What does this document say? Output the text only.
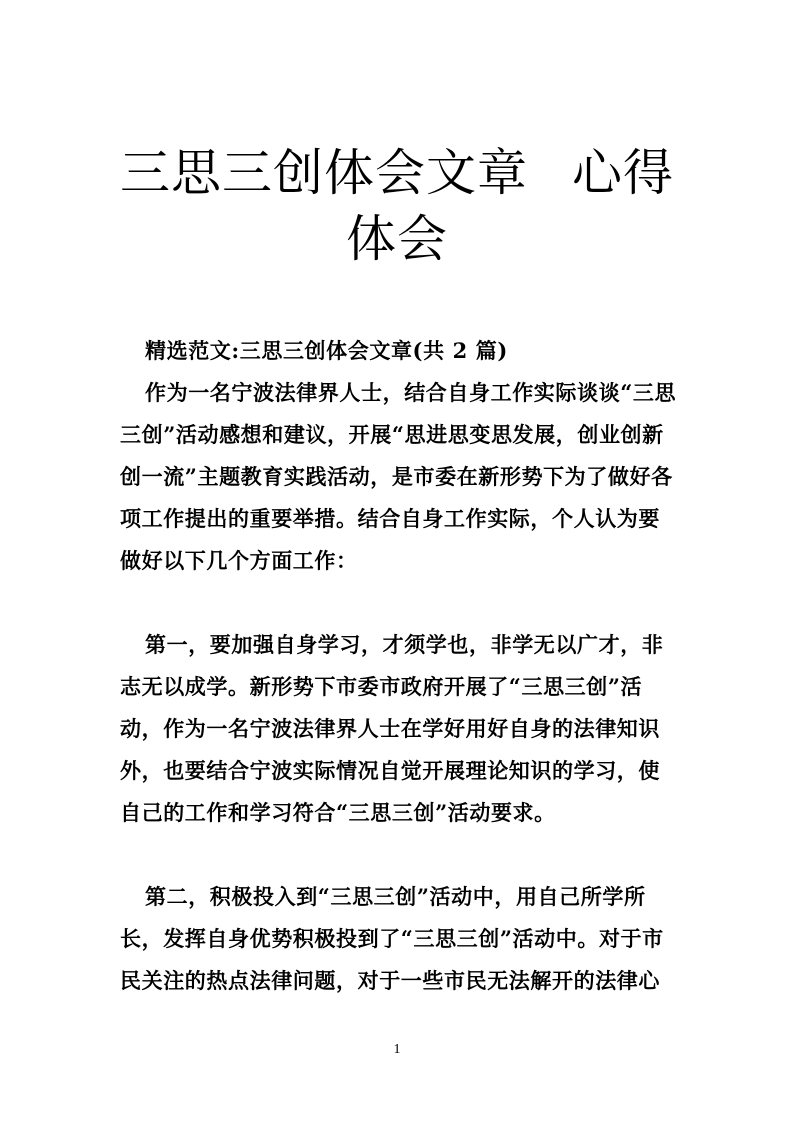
三思三创体会文章 心得
体会
精选范文:三思三创体会文章(共 2 篇)
作为一名宁波法律界人士，结合自身工作实际谈谈“三思
三创”活动感想和建议，开展“思进思变思发展，创业创新
创一流”主题教育实践活动，是市委在新形势下为了做好各
项工作提出的重要举措。结合自身工作实际，个人认为要
做好以下几个方面工作：
第一，要加强自身学习，才须学也，非学无以广才，非
志无以成学。新形势下市委市政府开展了“三思三创”活
动，作为一名宁波法律界人士在学好用好自身的法律知识
外，也要结合宁波实际情况自觉开展理论知识的学习，使
自己的工作和学习符合“三思三创”活动要求。
第二，积极投入到“三思三创”活动中，用自己所学所
长，发挥自身优势积极投到了“三思三创”活动中。对于市
民关注的热点法律问题，对于一些市民无法解开的法律心
1
